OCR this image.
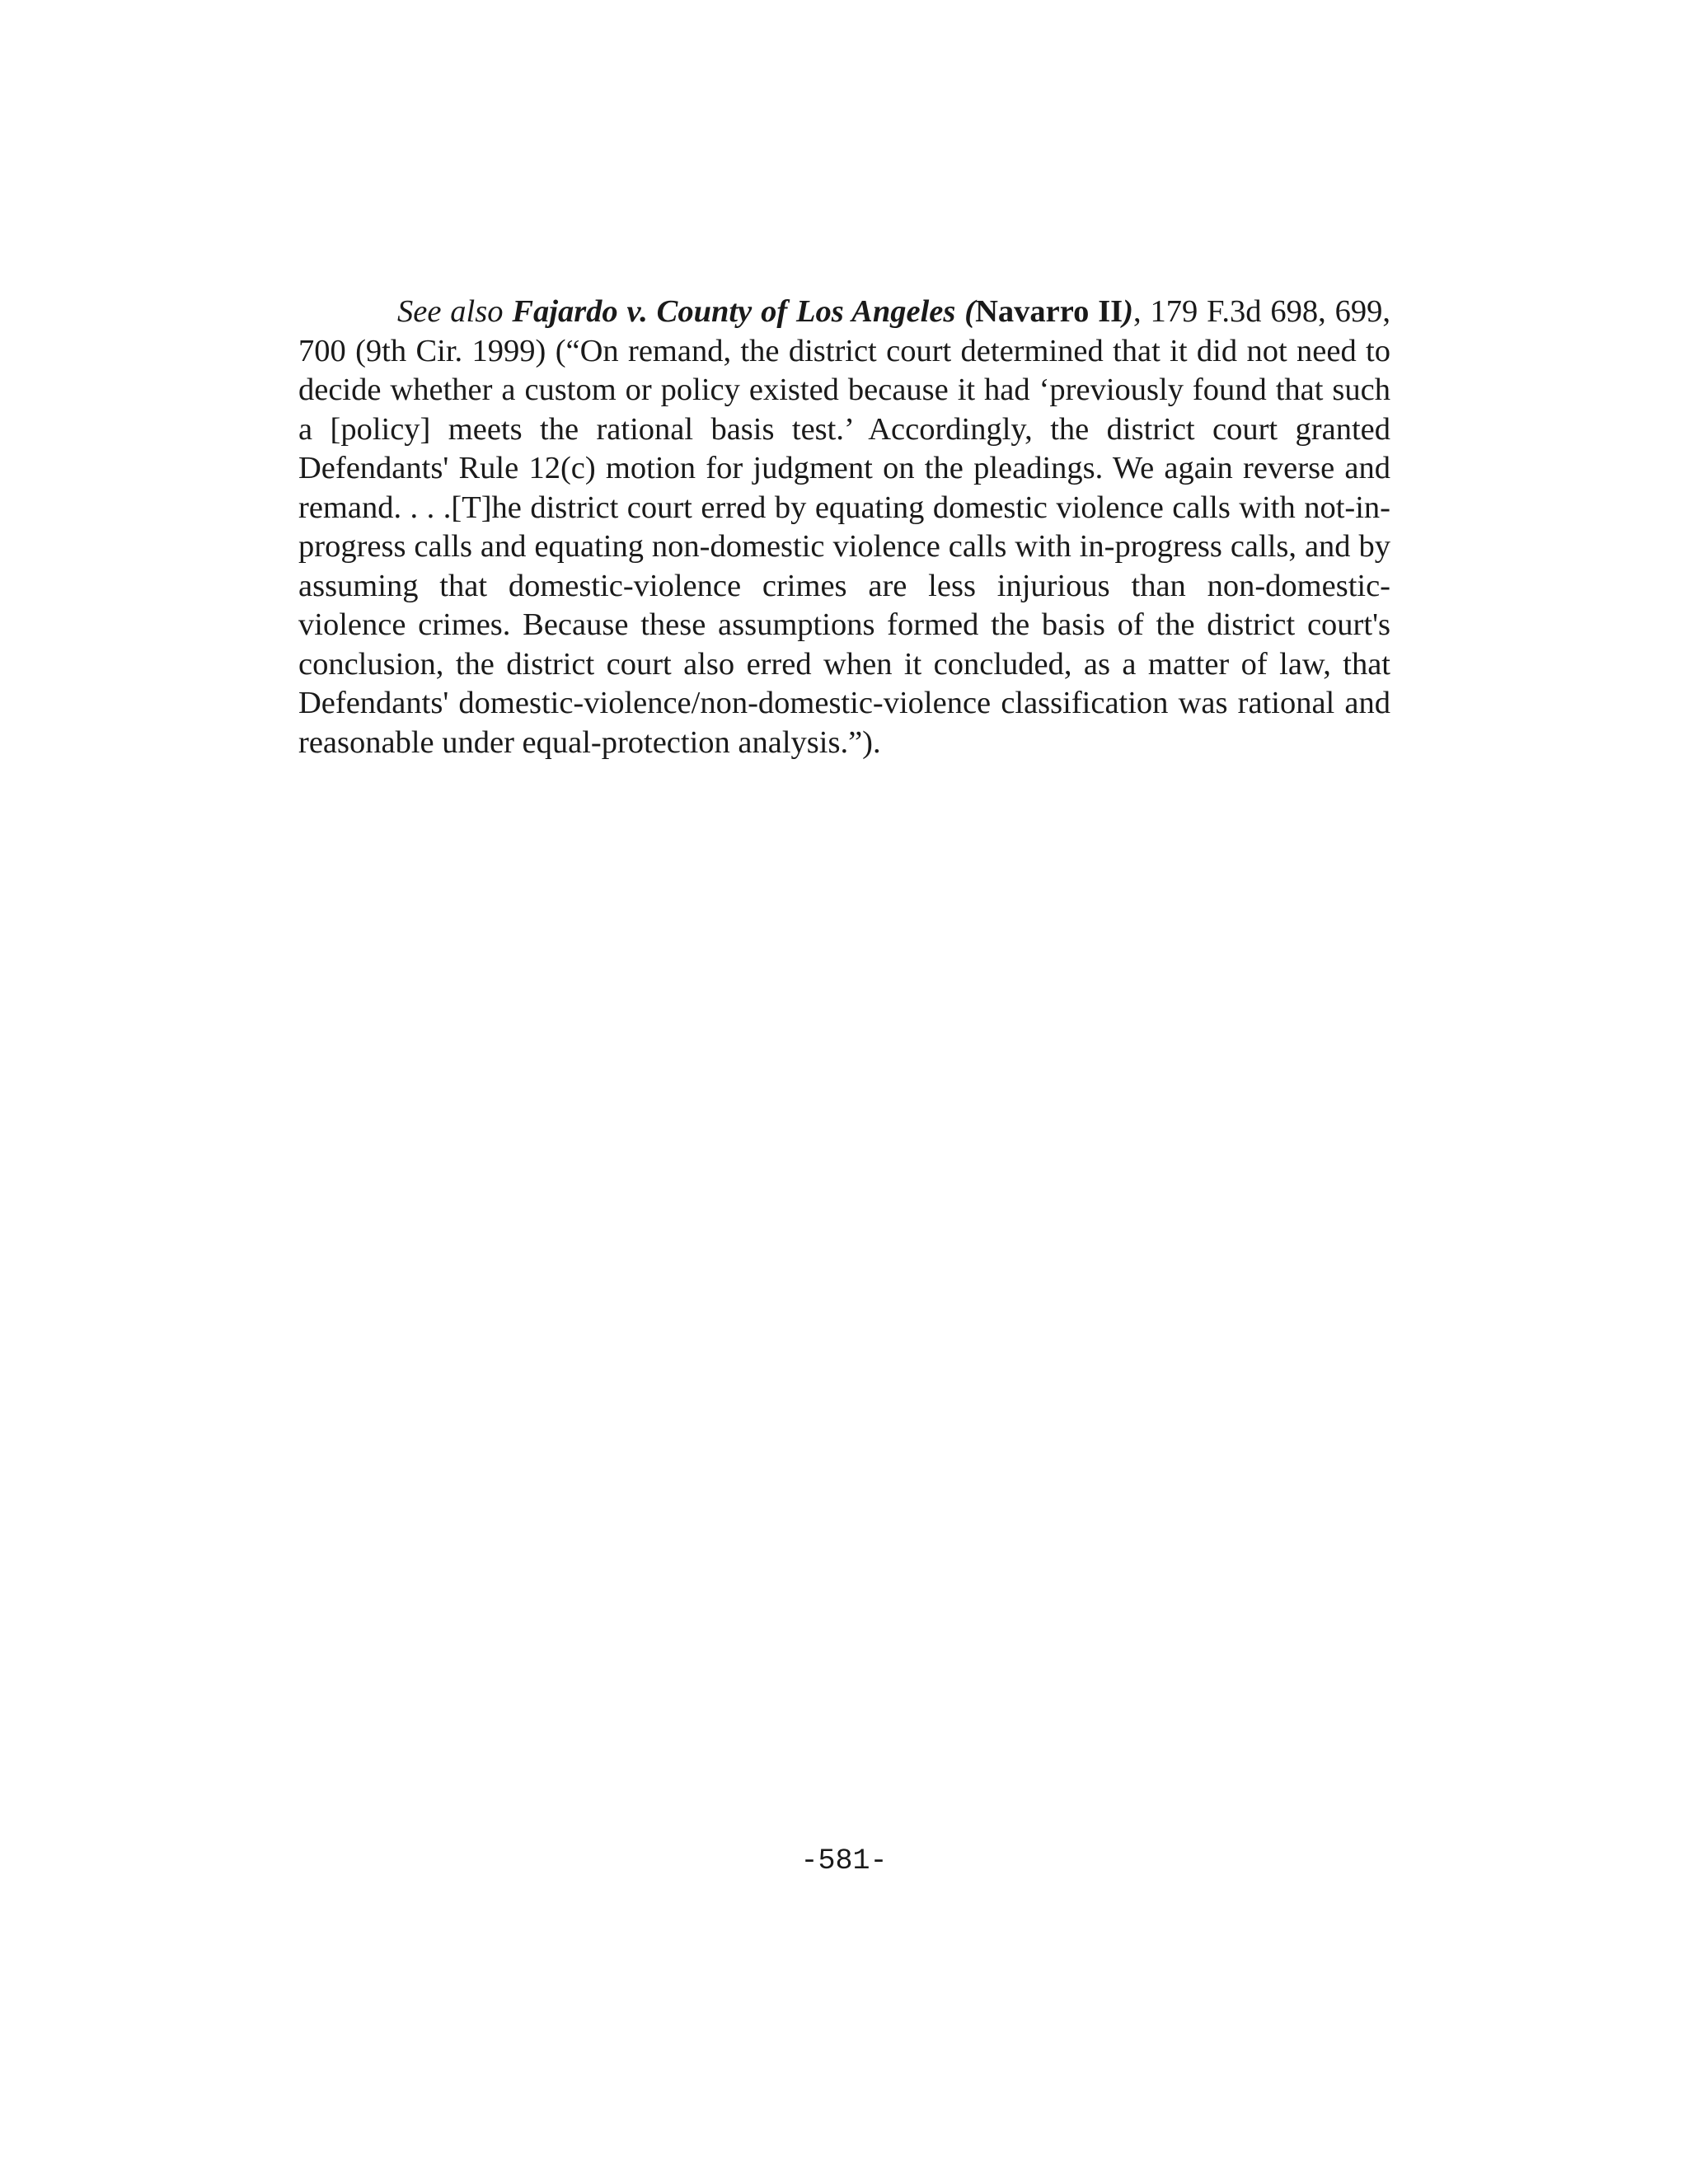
See also Fajardo v. County of Los Angeles (Navarro II), 179 F.3d 698, 699, 700 (9th Cir. 1999) (“On remand, the district court determined that it did not need to decide whether a custom or policy existed because it had ‘previously found that such a [policy] meets the rational basis test.’ Accordingly, the district court granted Defendants' Rule 12(c) motion for judgment on the pleadings. We again reverse and remand. . . .[T]he district court erred by equating domestic violence calls with not-in-progress calls and equating non-domestic violence calls with in-progress calls, and by assuming that domestic-violence crimes are less injurious than non-domestic-violence crimes. Because these assumptions formed the basis of the district court's conclusion, the district court also erred when it concluded, as a matter of law, that Defendants' domestic-violence/non-domestic-violence classification was rational and reasonable under equal-protection analysis.”).

-581-
